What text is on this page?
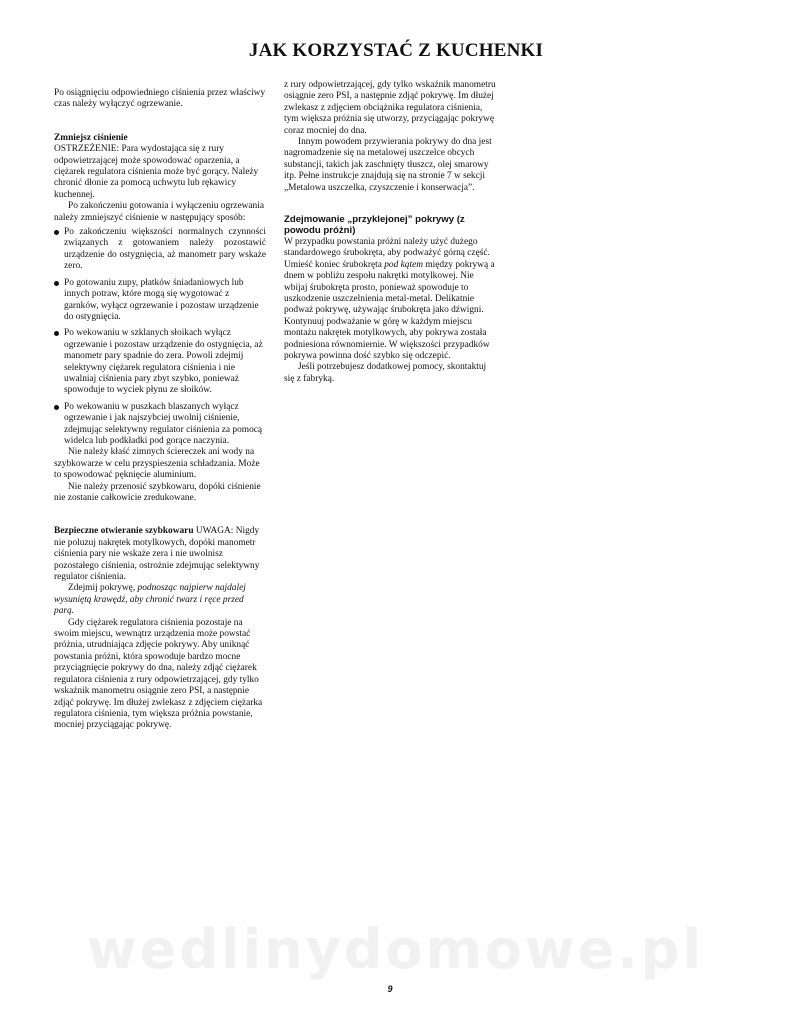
JAK KORZYSTAĆ Z KUCHENKI

Po osiągnięciu odpowiedniego ciśnienia przez właściwy czas należy wyłączyć ogrzewanie.

Zmniejsz ciśnienie

OSTRZEŻENIE: Para wydostająca się z rury odpowietrzającej może spowodować oparzenia, a ciężarek regulatora ciśnienia może być gorący. Należy chronić dłonie za pomocą uchwytu lub rękawicy kuchennej.

Po zakończeniu gotowania i wyłączeniu ogrzewania należy zmniejszyć ciśnienie w następujący sposób:

Po zakończeniu większości normalnych czynności związanych z gotowaniem należy pozostawić urządzenie do ostygnięcia, aż manometr pary wskaże zero.
Po gotowaniu zupy, płatków śniadaniowych lub innych potraw, które mogą się wygotować z garnków, wyłącz ogrzewanie i pozostaw urządzenie do ostygnięcia.
Po wekowaniu w szklanych słoikach wyłącz ogrzewanie i pozostaw urządzenie do ostygnięcia, aż manometr pary spadnie do zera. Powoli zdejmij selektywny ciężarek regulatora ciśnienia i nie uwalniaj ciśnienia pary zbyt szybko, ponieważ spowoduje to wyciek płynu ze słoików.
Po wekowaniu w puszkach blaszanych wyłącz ogrzewanie i jak najszybciej uwolnij ciśnienie, zdejmując selektywny regulator ciśnienia za pomocą widelca lub podkładki pod gorące naczynia.

Nie należy kłaść zimnych ściereczek ani wody na szybkowarze w celu przyspieszenia schładzania. Może to spowodować pęknięcie aluminium.

Nie należy przenosić szybkowaru, dopóki ciśnienie nie zostanie całkowicie zredukowane.

Bezpieczne otwieranie szybkowaru UWAGA: Nigdy nie poluzuj nakrętek motylkowych, dopóki manometr ciśnienia pary nie wskaże zera i nie uwolnisz pozostałego ciśnienia, ostrożnie zdejmując selektywny regulator ciśnienia.

Zdejmij pokrywę, podnosząc najpierw najdalej wysuniętą krawędź, aby chronić twarz i ręce przed parą.

Gdy ciężarek regulatora ciśnienia pozostaje na swoim miejscu, wewnątrz urządzenia może powstać próżnia, utrudniająca zdjęcie pokrywy. Aby uniknąć powstania próżni, która spowoduje bardzo mocne przyciągnięcie pokrywy do dna, należy zdjąć ciężarek regulatora ciśnienia z rury odpowietrzającej, gdy tylko wskaźnik manometru osiągnie zero PSI, a następnie zdjąć pokrywę. Im dłużej zwlekasz z zdjęciem ciężarka regulatora ciśnienia, tym większa próżnia powstanie, mocniej przyciągając pokrywę.

z rury odpowietrzającej, gdy tylko wskaźnik manometru osiągnie zero PSI, a następnie zdjąć pokrywę. Im dłużej zwlekasz z zdjęciem obciążnika regulatora ciśnienia, tym większa próżnia się utworzy, przyciągając pokrywę coraz mocniej do dna.

Innym powodem przywierania pokrywy do dna jest nagromadzenie się na metalowej uszczelce obcych substancji, takich jak zaschnięty tłuszcz, olej smarowy itp. Pełne instrukcje znajdują się na stronie 7 w sekcji „Metalowa uszczelka, czyszczenie i konserwacja”.

Zdejmowanie „przyklejonej” pokrywy (z powodu próżni)

W przypadku powstania próżni należy użyć dużego standardowego śrubokręta, aby podważyć górną część. Umieść koniec śrubokręta pod kątem między pokrywą a dnem w pobliżu zespołu nakrętki motylkowej. Nie wbijaj śrubokręta prosto, ponieważ spowoduje to uszkodzenie uszczelnienia metal-metal. Delikatnie podważ pokrywę, używając śrubokręta jako dźwigni. Kontynuuj podważanie w górę w każdym miejscu montażu nakrętek motylkowych, aby pokrywa została podniesiona równomiernie. W większości przypadków pokrywa powinna dość szybko się odczepić.

Jeśli potrzebujesz dodatkowej pomocy, skontaktuj się z fabryką.

wedlinydomowe.pl
9
